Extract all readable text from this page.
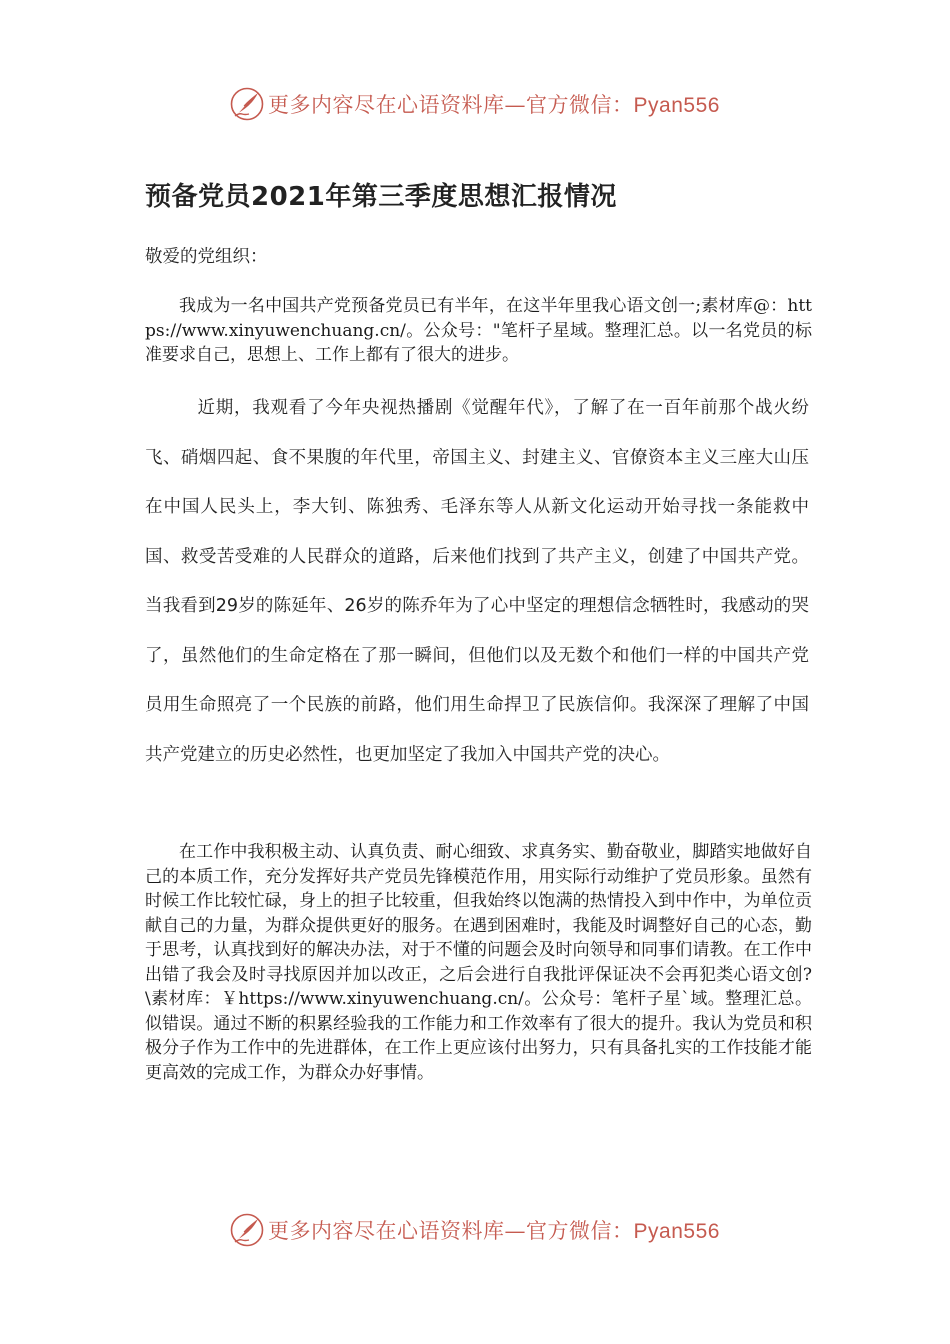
更多内容尽在心语资料库—官方微信：Pyan556
预备党员2021年第三季度思想汇报情况
敬爱的党组织：

我成为一名中国共产党预备党员已有半年，在这半年里我心语文创一;素材库@：https://www.xinyuwenchuang.cn/。公众号："笔杆子星域。整理汇总。以一名党员的标准要求自己，思想上、工作上都有了很大的进步。

近期，我观看了今年央视热播剧《觉醒年代》，了解了在一百年前那个战火纷飞、硝烟四起、食不果腹的年代里，帝国主义、封建主义、官僚资本主义三座大山压在中国人民头上，李大钊、陈独秀、毛泽东等人从新文化运动开始寻找一条能救中国、救受苦受难的人民群众的道路，后来他们找到了共产主义，创建了中国共产党。当我看到29岁的陈延年、26岁的陈乔年为了心中坚定的理想信念牺牲时，我感动的哭了，虽然他们的生命定格在了那一瞬间，但他们以及无数个和他们一样的中国共产党员用生命照亮了一个民族的前路，他们用生命捍卫了民族信仰。我深深了理解了中国共产党建立的历史必然性，也更加坚定了我加入中国共产党的决心。

在工作中我积极主动、认真负责、耐心细致、求真务实、勤奋敬业，脚踏实地做好自己的本质工作，充分发挥好共产党员先锋模范作用，用实际行动维护了党员形象。虽然有时候工作比较忙碌，身上的担子比较重，但我始终以饱满的热情投入到中作中，为单位贡献自己的力量，为群众提供更好的服务。在遇到困难时，我能及时调整好自己的心态，勤于思考，认真找到好的解决办法，对于不懂的问题会及时向领导和同事们请教。在工作中出错了我会及时寻找原因并加以改正，之后会进行自我批评保证决不会再犯类心语文创?\素材库：￥https://www.xinyuwenchuang.cn/。公众号：笔杆子星`域。整理汇总。似错误。通过不断的积累经验我的工作能力和工作效率有了很大的提升。我认为党员和积极分子作为工作中的先进群体，在工作上更应该付出努力，只有具备扎实的工作技能才能更高效的完成工作，为群众办好事情。

更多内容尽在心语资料库—官方微信：Pyan556
